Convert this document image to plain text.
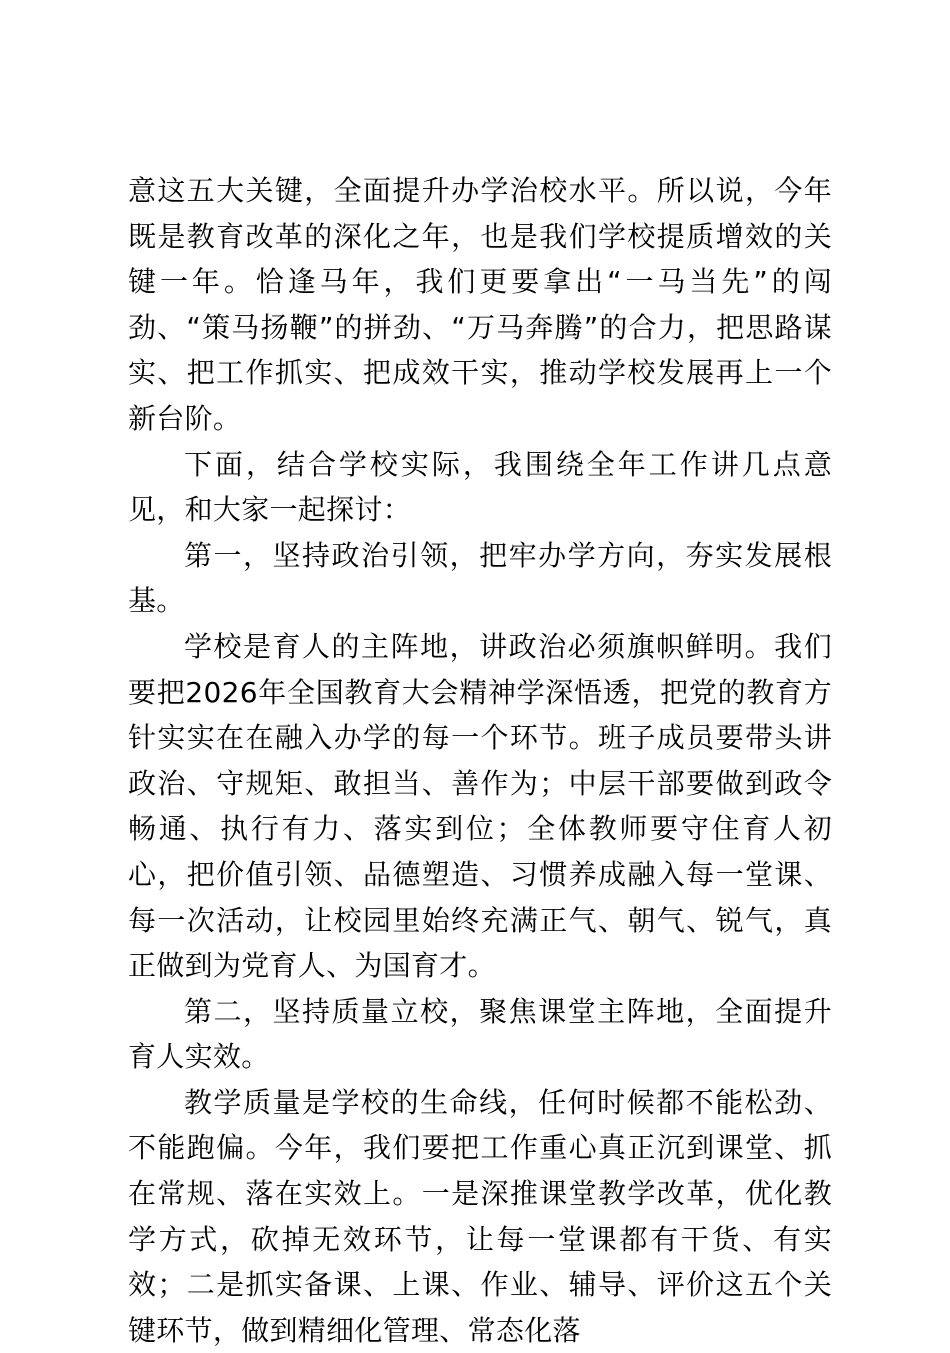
意这五大关键，全面提升办学治校水平。所以说，今年既是教育改革的深化之年，也是我们学校提质增效的关键一年。恰逢马年，我们更要拿出“一马当先”的闯劲、“策马扬鞭”的拼劲、“万马奔腾”的合力，把思路谋实、把工作抓实、把成效干实，推动学校发展再上一个新台阶。

下面，结合学校实际，我围绕全年工作讲几点意见，和大家一起探讨：

第一，坚持政治引领，把牢办学方向，夯实发展根基。

学校是育人的主阵地，讲政治必须旗帜鲜明。我们要把2026年全国教育大会精神学深悟透，把党的教育方针实实在在融入办学的每一个环节。班子成员要带头讲政治、守规矩、敢担当、善作为；中层干部要做到政令畅通、执行有力、落实到位；全体教师要守住育人初心，把价值引领、品德塑造、习惯养成融入每一堂课、每一次活动，让校园里始终充满正气、朝气、锐气，真正做到为党育人、为国育才。

第二，坚持质量立校，聚焦课堂主阵地，全面提升育人实效。

教学质量是学校的生命线，任何时候都不能松劲、不能跑偏。今年，我们要把工作重心真正沉到课堂、抓在常规、落在实效上。一是深推课堂教学改革，优化教学方式，砍掉无效环节，让每一堂课都有干货、有实效；二是抓实备课、上课、作业、辅导、评价这五个关键环节，做到精细化管理、常态化落
